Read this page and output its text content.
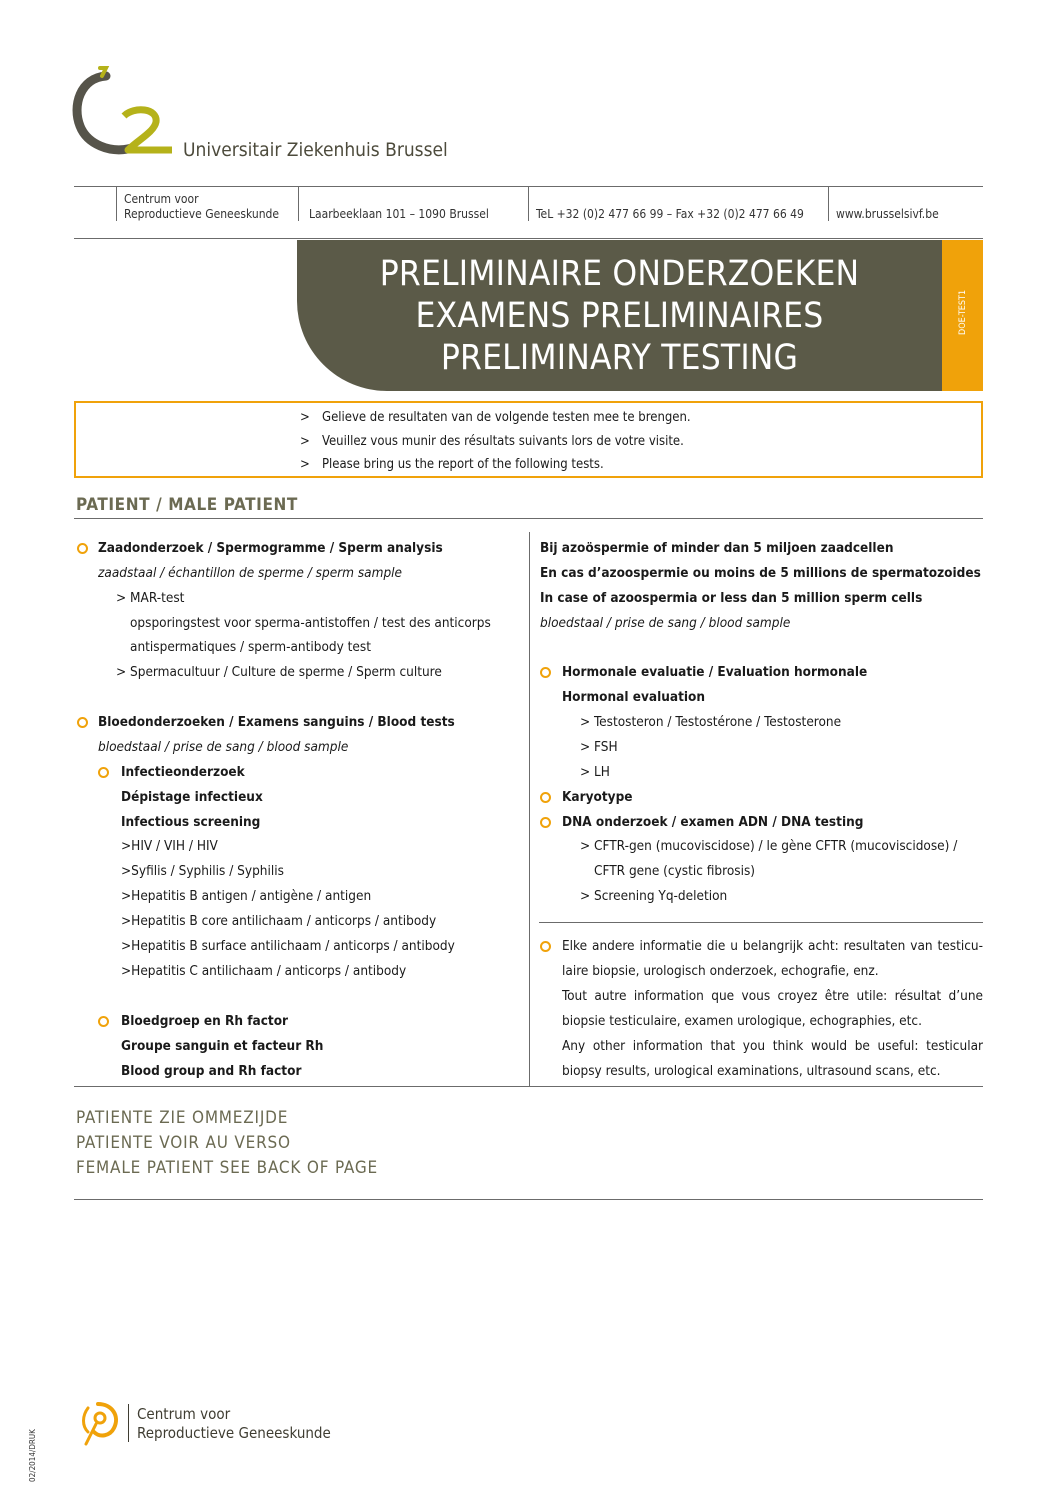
Universitair Ziekenhuis Brussel
Centrum voor
Reproductieve Geneeskunde Laarbeeklaan 101 – 1090 Brussel	TeL +32 (0)2 477 66 99 – Fax +32 (0)2 477 66 49	www.brusselsivf.be
PRELIMINAIRE ONDERZOEKEN
EXAMENS PRELIMINAIRES
PRELIMINARY TESTING
DOE-TEST1
> Gelieve de resultaten van de volgende testen mee te brengen.
> Veuillez vous munir des résultats suivants lors de votre visite.
> Please bring us the report of the following tests.
PATIENT / MALE PATIENT
Zaadonderzoek / Spermogramme / Sperm analysis
zaadstaal / échantillon de sperme / sperm sample
> MAR-test
opsporingstest voor sperma-antistoffen / test des anticorps
antispermatiques / sperm-antibody test
> Spermacultuur / Culture de sperme / Sperm culture
Bloedonderzoeken / Examens sanguins / Blood tests
bloedstaal / prise de sang / blood sample
Infectieonderzoek
Dépistage infectieux
Infectious screening
>HIV / VIH / HIV
>Syfilis / Syphilis / Syphilis
>Hepatitis B antigen / antigène / antigen
>Hepatitis B core antilichaam / anticorps / antibody
>Hepatitis B surface antilichaam / anticorps / antibody
>Hepatitis C antilichaam / anticorps / antibody
Bloedgroep en Rh factor
Groupe sanguin et facteur Rh
Blood group and Rh factor
Bij azoöspermie of minder dan 5 miljoen zaadcellen
En cas d’azoospermie ou moins de 5 millions de spermatozoides
In case of azoospermia or less dan 5 million sperm cells
bloedstaal / prise de sang / blood sample
Hormonale evaluatie / Evaluation hormonale
Hormonal evaluation
> Testosteron / Testostérone / Testosterone
> FSH
> LH
Karyotype
DNA onderzoek / examen ADN / DNA testing
> CFTR-gen (mucoviscidose) / le gène CFTR (mucoviscidose) /
CFTR gene (cystic fibrosis)
> Screening Yq-deletion
Elke andere informatie die u belangrijk acht: resultaten van testicu-
laire biopsie, urologisch onderzoek, echografie, enz.
Tout autre information que vous croyez être utile: résultat d’une
biopsie testiculaire, examen urologique, echographies, etc.
Any other information that you think would be useful: testicular
biopsy results, urological examinations, ultrasound scans, etc.
PATIENTE ZIE OMMEZIJDE
PATIENTE VOIR AU VERSO
FEMALE PATIENT SEE BACK OF PAGE
02/2014/DRUK
Centrum voor
Reproductieve Geneeskunde
